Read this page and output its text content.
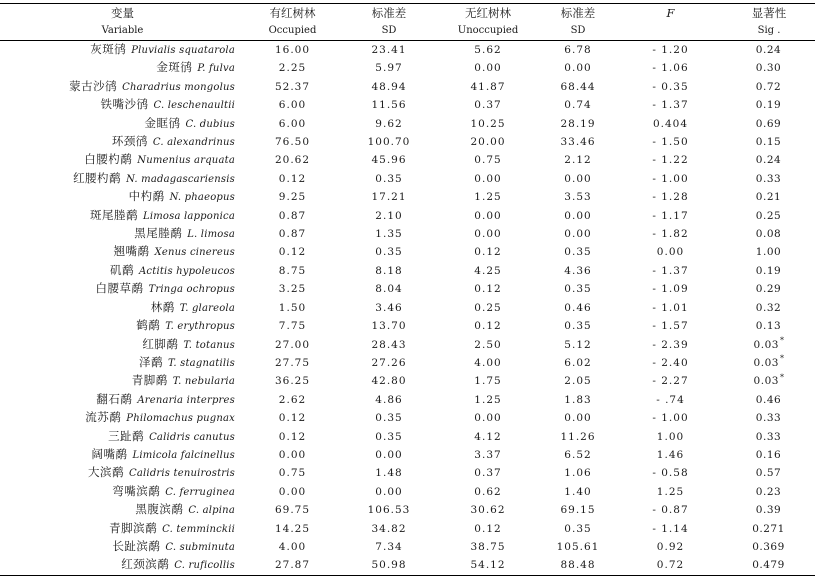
变量	有红树林	标准差	无红树林	标准差	F	显著性
Variable	Occupied	SD	Unoccupied	SD		Sig .
灰斑鸻 Pluvialis squatarola	16.00	23.41	5.62	6.78	- 1.20	0.24
金斑鸻 P. fulva	2.25	5.97	0.00	0.00	- 1.06	0.30
蒙古沙鸻 Charadrius mongolus	52.37	48.94	41.87	68.44	- 0.35	0.72
铁嘴沙鸻 C. leschenaultii	6.00	11.56	0.37	0.74	- 1.37	0.19
金眶鸻 C. dubius	6.00	9.62	10.25	28.19	0.404	0.69
环颈鸻 C. alexandrinus	76.50	100.70	20.00	33.46	- 1.50	0.15
白腰杓鹬 Numenius arquata	20.62	45.96	0.75	2.12	- 1.22	0.24
红腰杓鹬 N. madagascariensis	0.12	0.35	0.00	0.00	- 1.00	0.33
中杓鹬 N. phaeopus	9.25	17.21	1.25	3.53	- 1.28	0.21
斑尾塍鹬 Limosa lapponica	0.87	2.10	0.00	0.00	- 1.17	0.25
黑尾塍鹬 L. limosa	0.87	1.35	0.00	0.00	- 1.82	0.08
翘嘴鹬 Xenus cinereus	0.12	0.35	0.12	0.35	0.00	1.00
矶鹬 Actitis hypoleucos	8.75	8.18	4.25	4.36	- 1.37	0.19
白腰草鹬 Tringa ochropus	3.25	8.04	0.12	0.35	- 1.09	0.29
林鹬 T. glareola	1.50	3.46	0.25	0.46	- 1.01	0.32
鹤鹬 T. erythropus	7.75	13.70	0.12	0.35	- 1.57	0.13
红脚鹬 T. totanus	27.00	28.43	2.50	5.12	- 2.39	0.03*
泽鹬 T. stagnatilis	27.75	27.26	4.00	6.02	- 2.40	0.03*
青脚鹬 T. nebularia	36.25	42.80	1.75	2.05	- 2.27	0.03*
翻石鹬 Arenaria interpres	2.62	4.86	1.25	1.83	- .74	0.46
流苏鹬 Philomachus pugnax	0.12	0.35	0.00	0.00	- 1.00	0.33
三趾鹬 Calidris canutus	0.12	0.35	4.12	11.26	1.00	0.33
阔嘴鹬 Limicola falcinellus	0.00	0.00	3.37	6.52	1.46	0.16
大滨鹬 Calidris tenuirostris	0.75	1.48	0.37	1.06	- 0.58	0.57
弯嘴滨鹬 C. ferruginea	0.00	0.00	0.62	1.40	1.25	0.23
黑腹滨鹬 C. alpina	69.75	106.53	30.62	69.15	- 0.87	0.39
青脚滨鹬 C. temminckii	14.25	34.82	0.12	0.35	- 1.14	0.271
长趾滨鹬 C. subminuta	4.00	7.34	38.75	105.61	0.92	0.369
红颈滨鹬 C. ruficollis	27.87	50.98	54.12	88.48	0.72	0.479
